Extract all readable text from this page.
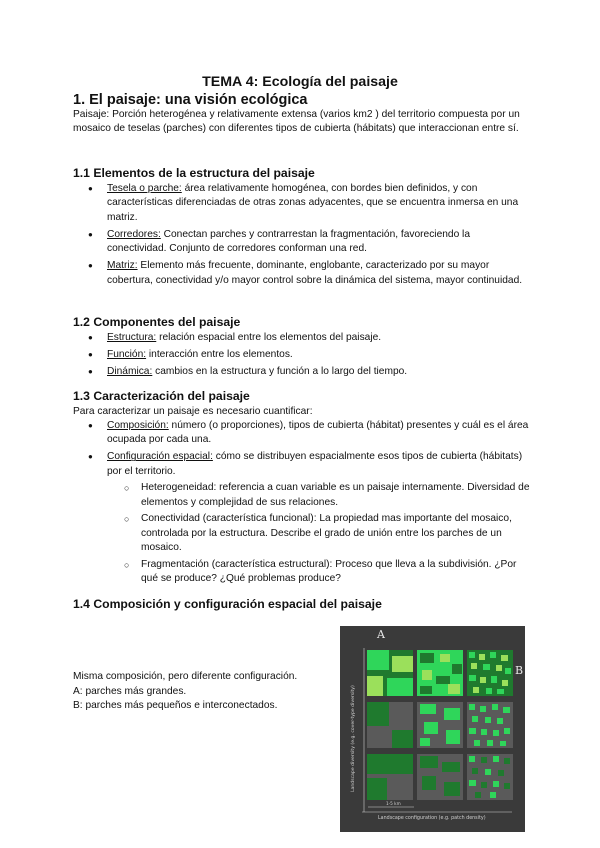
TEMA 4: Ecología del paisaje
1. El paisaje: una visión ecológica
Paisaje: Porción heterogénea y relativamente extensa (varios km2 ) del territorio compuesta por un mosaico de teselas (parches) con diferentes tipos de cubierta (hábitats) que interaccionan entre sí.
1.1 Elementos de la estructura del paisaje
● Tesela o parche: área relativamente homogénea, con bordes bien definidos, y con características diferenciadas de otras zonas adyacentes, que se encuentra inmersa en una matriz.
● Corredores: Conectan parches y contrarrestan la fragmentación, favoreciendo la conectividad. Conjunto de corredores conforman una red.
● Matriz: Elemento más frecuente, dominante, englobante, caracterizado por su mayor cobertura, conectividad y/o mayor control sobre la dinámica del sistema, mayor continuidad.
1.2 Componentes del paisaje
● Estructura: relación espacial entre los elementos del paisaje.
● Función: interacción entre los elementos.
● Dinámica: cambios en la estructura y función a lo largo del tiempo.
1.3 Caracterización del paisaje
Para caracterizar un paisaje es necesario cuantificar:
● Composición: número (o proporciones), tipos de cubierta (hábitat) presentes y cuál es el área ocupada por cada una.
● Configuración espacial: cómo se distribuyen espacialmente esos tipos de cubierta (hábitats) por el territorio.
○ Heterogeneidad: referencia a cuan variable es un paisaje internamente. Diversidad de elementos y complejidad de sus relaciones.
○ Conectividad (característica funcional): La propiedad mas importante del mosaico, controlada por la estructura. Describe el grado de unión entre los parches de un mosaico.
○ Fragmentación (característica estructural): Proceso que lleva a la subdivisión. ¿Por qué se produce? ¿Qué problemas produce?
1.4 Composición y configuración espacial del paisaje
Misma composición, pero diferente configuración.
A: parches más grandes.
B: parches más pequeños e interconectados.
A
B
Landscape diversity (e.g. cover-type diversity)
Landscape configuration (e.g. patch density)
1-5 km
